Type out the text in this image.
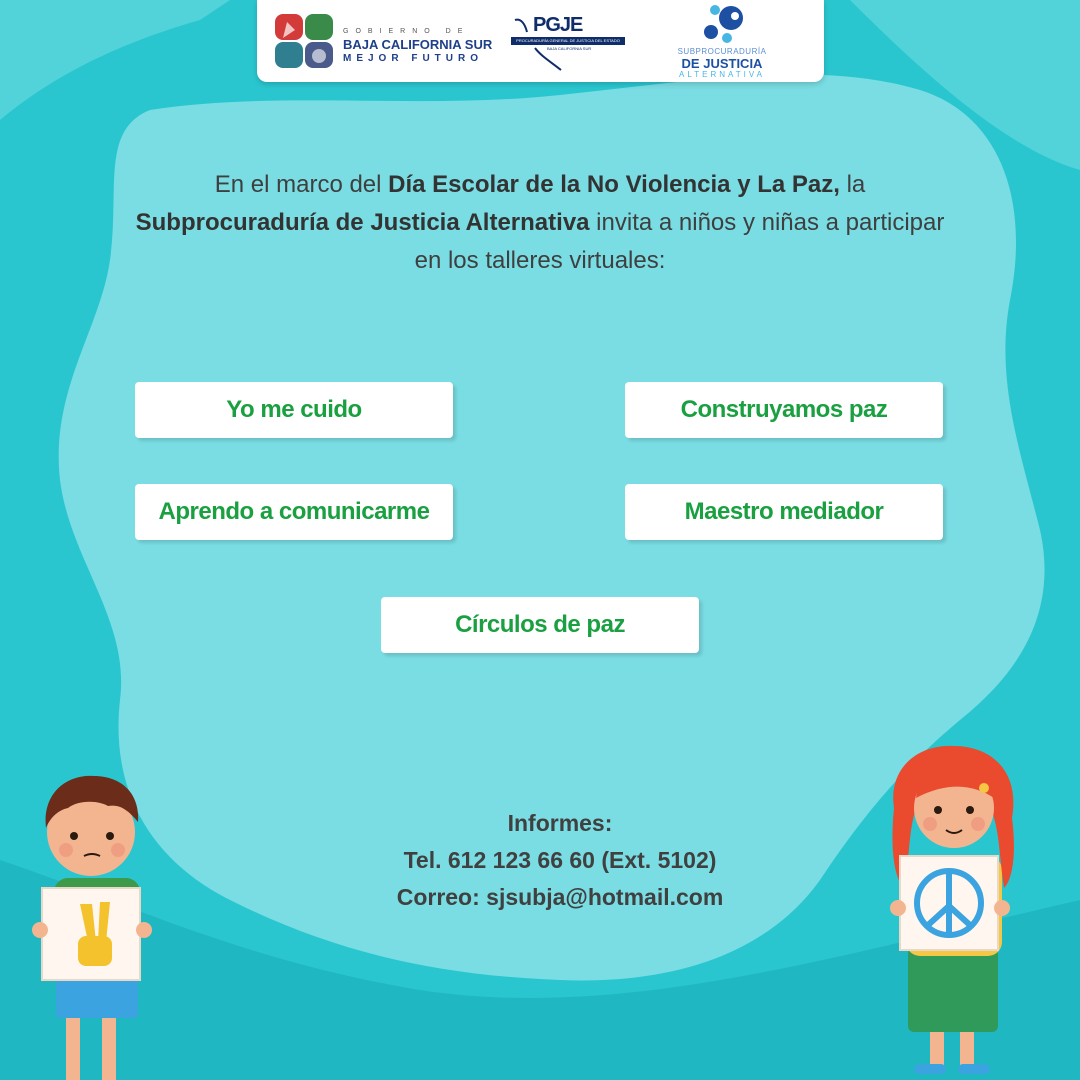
GOBIERNO DE
BAJA CALIFORNIA SUR
MEJOR FUTURO
PGJE
PROCURADURÍA GENERAL DE JUSTICIA DEL ESTADO
BAJA CALIFORNIA SUR	SUBPROCURADURÍA
DE JUSTICIA
ALTERNATIVA

En el marco del Día Escolar de la No Violencia y La Paz, la
Subprocuraduría de Justicia Alternativa invita a niños y niñas a participar en los talleres virtuales:

Yo me cuido	Construyamos paz
Aprendo a comunicarme	Maestro mediador
Círculos de paz
Informes:
Tel. 612 123 66 60 (Ext. 5102)
Correo: sjsubja@hotmail.com
